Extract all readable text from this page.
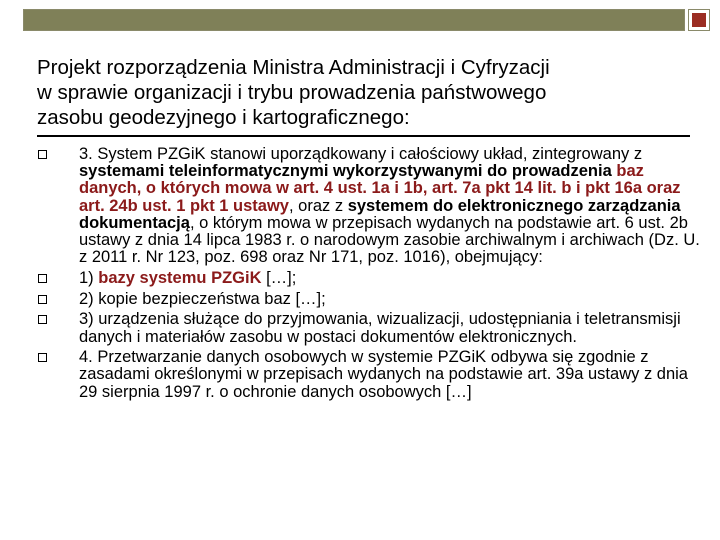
Projekt rozporządzenia Ministra Administracji i Cyfryzacji
w sprawie organizacji i trybu prowadzenia państwowego
zasobu geodezyjnego i kartograficznego:
3. System PZGiK stanowi uporządkowany i całościowy układ, zintegrowany z systemami teleinformatycznymi wykorzystywanymi do prowadzenia baz danych, o których mowa w art. 4 ust. 1a i 1b, art. 7a pkt 14 lit. b i pkt 16a oraz art. 24b ust. 1 pkt 1 ustawy, oraz z systemem do elektronicznego zarządzania dokumentacją, o którym mowa w przepisach wydanych na podstawie art. 6 ust. 2b ustawy z dnia 14 lipca 1983 r. o narodowym zasobie archiwalnym i archiwach (Dz. U. z 2011 r. Nr 123, poz. 698 oraz Nr 171, poz. 1016), obejmujący:
1) bazy systemu PZGiK […];
2) kopie bezpieczeństwa baz […];
3) urządzenia służące do przyjmowania, wizualizacji, udostępniania i teletransmisji danych i materiałów zasobu w postaci dokumentów elektronicznych.
4. Przetwarzanie danych osobowych w systemie PZGiK odbywa się zgodnie z zasadami określonymi w przepisach wydanych na podstawie art. 39a ustawy z dnia 29 sierpnia 1997 r. o ochronie danych osobowych […]
